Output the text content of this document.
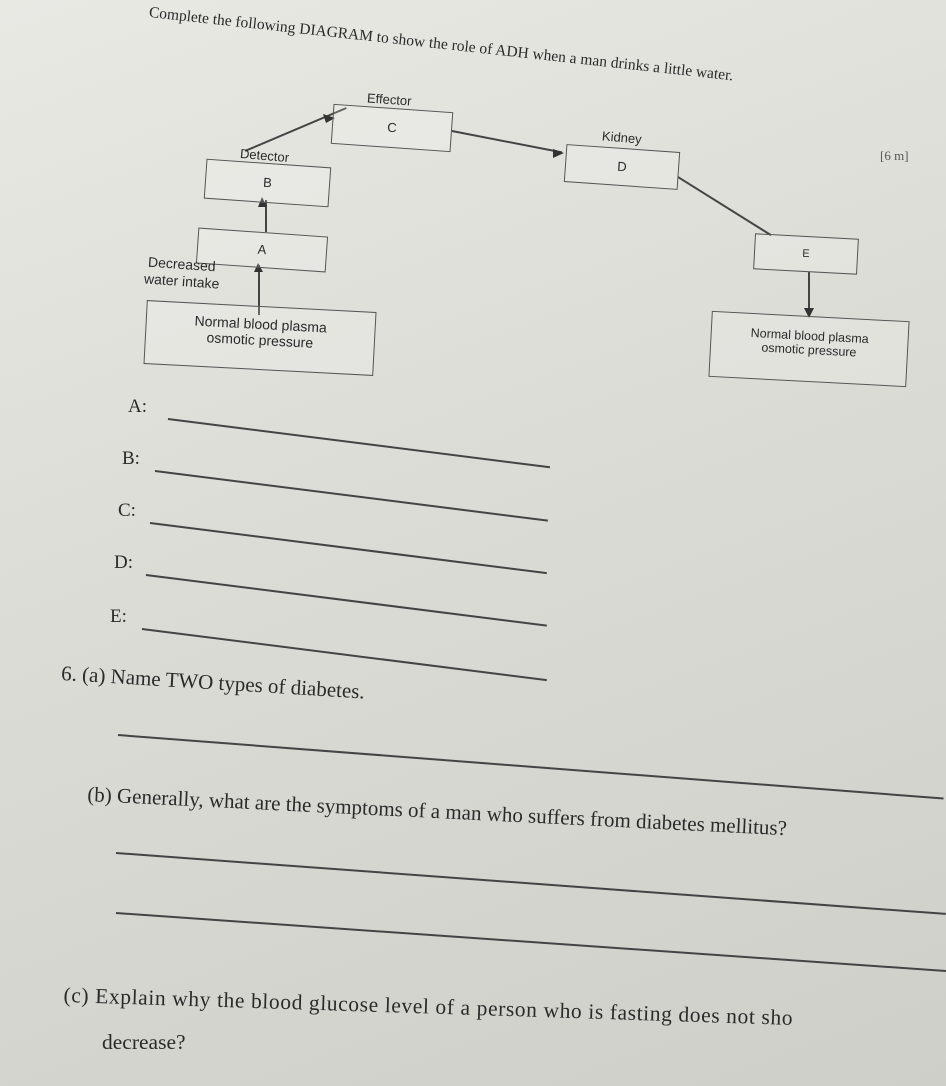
Complete the following DIAGRAM to show the role of ADH when a man drinks a little water.
[6 m]
Effector
C
Kidney
D
Detector
B
A
Decreased
water intake
Normal blood plasma
osmotic pressure
E
Normal blood plasma
osmotic pressure
A:
B:
C:
D:
E:
6. (a) Name TWO types of diabetes.
(b) Generally, what are the symptoms of a man who suffers from diabetes mellitus?
(c) Explain why the blood glucose level of a person who is fasting does not sho
decrease?
